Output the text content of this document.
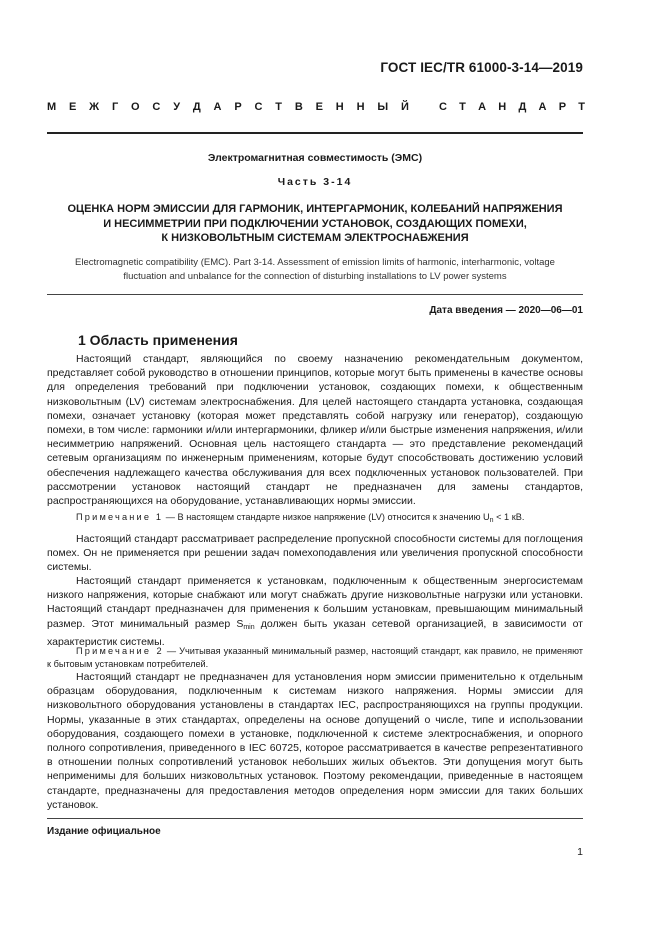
ГОСТ IEC/TR 61000-3-14—2019
М Е Ж Г О С У Д А Р С Т В Е Н Н Ы Й	С Т А Н Д А Р Т
Электромагнитная совместимость (ЭМС)
Часть 3-14
ОЦЕНКА НОРМ ЭМИССИИ ДЛЯ ГАРМОНИК, ИНТЕРГАРМОНИК, КОЛЕБАНИЙ НАПРЯЖЕНИЯ
И НЕСИММЕТРИИ ПРИ ПОДКЛЮЧЕНИИ УСТАНОВОК, СОЗДАЮЩИХ ПОМЕХИ,
К НИЗКОВОЛЬТНЫМ СИСТЕМАМ ЭЛЕКТРОСНАБЖЕНИЯ
Electromagnetic compatibility (EMC). Part 3-14. Assessment of emission limits of harmonic, interharmonic, voltage
fluctuation and unbalance for the connection of disturbing installations to LV power systems
Дата введения — 2020—06—01
1 Область применения

Настоящий стандарт, являющийся по своему назначению рекомендательным документом, представляет собой руководство в отношении принципов, которые могут быть применены в качестве основы для определения требований при подключении установок, создающих помехи, к общественным низковольтным (LV) системам электроснабжения. Для целей настоящего стандарта установка, создающая помехи, означает установку (которая может представлять собой нагрузку или генератор), создающую помехи, в том числе: гармоники и/или интергармоники, фликер и/или быстрые изменения напряжения, и/или несимметрию напряжений. Основная цель настоящего стандарта — это представление рекомендаций сетевым организациям по инженерным применениям, которые будут способствовать достижению условий обеспечения надлежащего качества обслуживания для всех подключенных установок пользователей. При рассмотрении установок настоящий стандарт не предназначен для замены стандартов, распространяющихся на оборудование, устанавливающих нормы эмиссии.

Примечание 1 — В настоящем стандарте низкое напряжение (LV) относится к значению $U_n < 1$ кВ.

Настоящий стандарт рассматривает распределение пропускной способности системы для поглощения помех. Он не применяется при решении задач помехоподавления или увеличения пропускной способности системы.

Настоящий стандарт применяется к установкам, подключенным к общественным энергосистемам низкого напряжения, которые снабжают или могут снабжать другие низковольтные нагрузки или установки. Настоящий стандарт предназначен для применения к большим установкам, превышающим минимальный размер. Этот минимальный размер $S_{min}$ должен быть указан сетевой организацией, в зависимости от характеристик системы.

Примечание 2 — Учитывая указанный минимальный размер, настоящий стандарт, как правило, не применяют к бытовым установкам потребителей.

Настоящий стандарт не предназначен для установления норм эмиссии применительно к отдельным образцам оборудования, подключенным к системам низкого напряжения. Нормы эмиссии для низковольтного оборудования установлены в стандартах IEC, распространяющихся на группы продукции. Нормы, указанные в этих стандартах, определены на основе допущений о числе, типе и использовании оборудования, создающего помехи в установке, подключенной к системе электроснабжения, и опорного полного сопротивления, приведенного в IEC 60725, которое рассматривается в качестве репрезентативного в отношении полных сопротивлений установок небольших жилых объектов. Эти допущения могут быть неприменимы для больших низковольтных установок. Поэтому рекомендации, приведенные в настоящем стандарте, предназначены для предоставления методов определения норм эмиссии для таких больших установок.

Издание официальное
1
